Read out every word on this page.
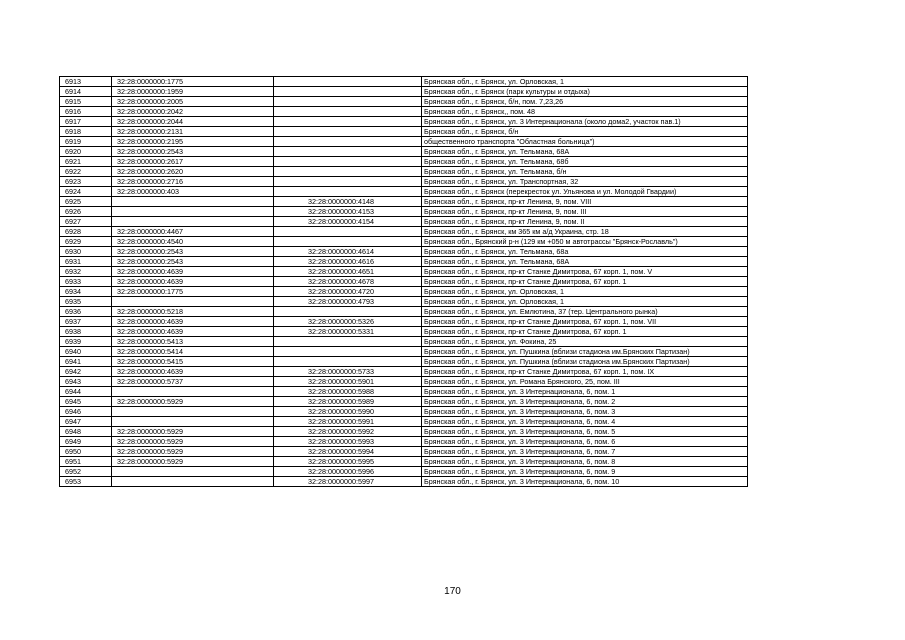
6913	32:28:0000000:1775		Брянская обл., г. Брянск, ул. Орловская, 1
6914	32:28:0000000:1959		Брянская обл., г. Брянск (парк культуры и отдыха)
6915	32:28:0000000:2005		Брянская обл., г. Брянск, б/н, пом. 7,23,26
6916	32:28:0000000:2042		Брянская обл., г. Брянск,, пом. 48
6917	32:28:0000000:2044		Брянская обл., г. Брянск, ул. 3 Интернационала (около дома2, участок пав.1)
6918	32:28:0000000:2131		Брянская обл., г. Брянск, б/н
6919	32:28:0000000:2195		общественного транспорта "Областная больница")
6920	32:28:0000000:2543		Брянская обл., г. Брянск, ул. Тельмана, 68А
6921	32:28:0000000:2617		Брянская обл., г. Брянск, ул. Тельмана, 68б
6922	32:28:0000000:2620		Брянская обл., г. Брянск, ул. Тельмана, б/н
6923	32:28:0000000:2716		Брянская обл., г. Брянск, ул. Транспортная, 32
6924	32:28:0000000:403		Брянская обл., г. Брянск (перекресток ул. Ульянова и ул. Молодой Гвардии)
6925		32:28:0000000:4148	Брянская обл., г. Брянск, пр-кт Ленина, 9, пом. VIII
6926		32:28:0000000:4153	Брянская обл., г. Брянск, пр-кт Ленина, 9, пом. III
6927		32:28:0000000:4154	Брянская обл., г. Брянск, пр-кт Ленина, 9, пом. II
6928	32:28:0000000:4467		Брянская обл., г. Брянск, км 365 км а/д Украина, стр. 18
6929	32:28:0000000:4540		Брянская обл., Брянский р-н (129 км +050 м автотрассы "Брянск-Рославль")
6930	32:28:0000000:2543	32:28:0000000:4614	Брянская обл., г. Брянск, ул. Тельмана, 68а
6931	32:28:0000000:2543	32:28:0000000:4616	Брянская обл., г. Брянск, ул. Тельмана, 68А
6932	32:28:0000000:4639	32:28:0000000:4651	Брянская обл., г. Брянск, пр-кт Станке Димитрова, 67 корп. 1, пом. V
6933	32:28:0000000:4639	32:28:0000000:4678	Брянская обл., г. Брянск, пр-кт Станке Димитрова, 67 корп. 1
6934	32:28:0000000:1775	32:28:0000000:4720	Брянская обл., г. Брянск, ул. Орловская, 1
6935		32:28:0000000:4793	Брянская обл., г. Брянск, ул. Орловская, 1
6936	32:28:0000000:5218		Брянская обл., г. Брянск, ул. Емлютина, 37 (тер. Центрального рынка)
6937	32:28:0000000:4639	32:28:0000000:5326	Брянская обл., г. Брянск, пр-кт Станке Димитрова, 67 корп. 1, пом. VII
6938	32:28:0000000:4639	32:28:0000000:5331	Брянская обл., г. Брянск, пр-кт Станке Димитрова, 67 корп. 1
6939	32:28:0000000:5413		Брянская обл., г. Брянск, ул. Фокина, 25
6940	32:28:0000000:5414		Брянская обл., г. Брянск, ул. Пушкина (вблизи стадиона им.Брянских Партизан)
6941	32:28:0000000:5415		Брянская обл., г. Брянск, ул. Пушкина (вблизи стадиона им.Брянских Партизан)
6942	32:28:0000000:4639	32:28:0000000:5733	Брянская обл., г. Брянск, пр-кт Станке Димитрова, 67 корп. 1, пом. IX
6943	32:28:0000000:5737	32:28:0000000:5901	Брянская обл., г. Брянск, ул. Романа Брянского, 25, пом. III
6944		32:28:0000000:5988	Брянская обл., г. Брянск, ул. 3 Интернационала, 6, пом. 1
6945	32:28:0000000:5929	32:28:0000000:5989	Брянская обл., г. Брянск, ул. 3 Интернационала, 6, пом. 2
6946		32:28:0000000:5990	Брянская обл., г. Брянск, ул. 3 Интернационала, 6, пом. 3
6947		32:28:0000000:5991	Брянская обл., г. Брянск, ул. 3 Интернационала, 6, пом. 4
6948	32:28:0000000:5929	32:28:0000000:5992	Брянская обл., г. Брянск, ул. 3 Интернационала, 6, пом. 5
6949	32:28:0000000:5929	32:28:0000000:5993	Брянская обл., г. Брянск, ул. 3 Интернационала, 6, пом. 6
6950	32:28:0000000:5929	32:28:0000000:5994	Брянская обл., г. Брянск, ул. 3 Интернационала, 6, пом. 7
6951	32:28:0000000:5929	32:28:0000000:5995	Брянская обл., г. Брянск, ул. 3 Интернационала, 6, пом. 8
6952		32:28:0000000:5996	Брянская обл., г. Брянск, ул. 3 Интернационала, 6, пом. 9
6953		32:28:0000000:5997	Брянская обл., г. Брянск, ул. 3 Интернационала, 6, пом. 10
170
